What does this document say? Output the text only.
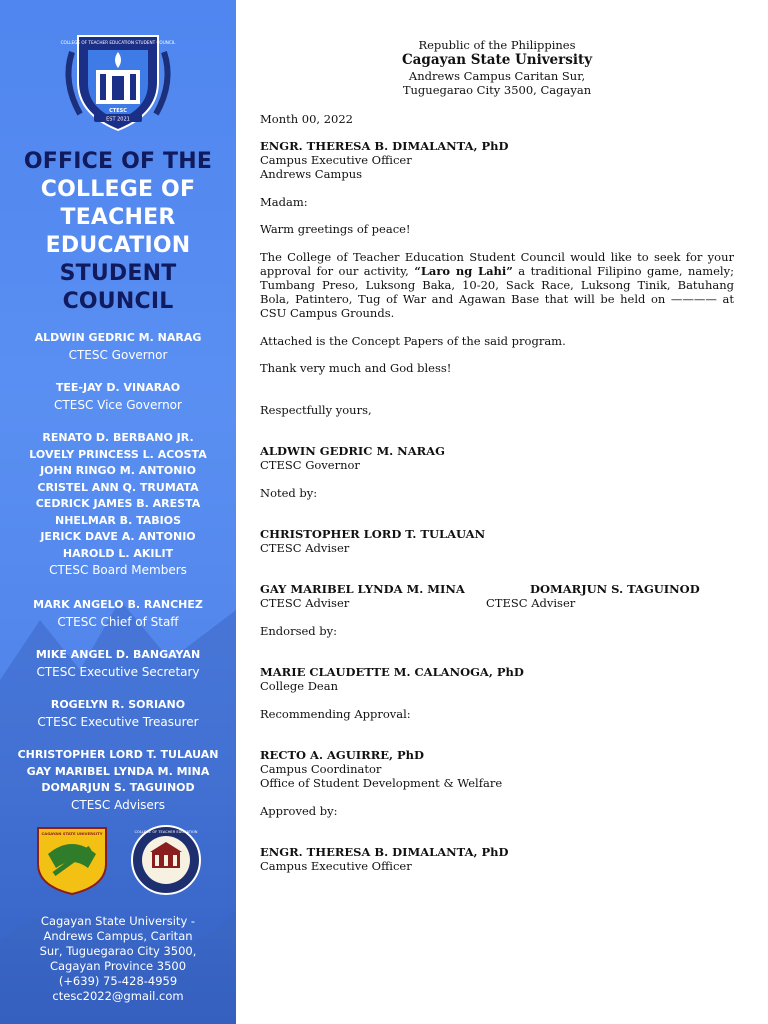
EST 2021
COLLEGE OF TEACHER EDUCATION STUDENT COUNCIL
CTESC
OFFICE OF THE
COLLEGE OF
TEACHER
EDUCATION
STUDENT
COUNCIL
ALDWIN GEDRIC M. NARAG
CTESC Governor
TEE-JAY D. VINARAO
CTESC Vice Governor
RENATO D. BERBANO JR.
LOVELY PRINCESS L. ACOSTA
JOHN RINGO M. ANTONIO
CRISTEL ANN Q. TRUMATA
CEDRICK JAMES B. ARESTA
NHELMAR B. TABIOS
JERICK DAVE A. ANTONIO
HAROLD L. AKILIT
CTESC Board Members
MARK ANGELO B. RANCHEZ
CTESC Chief of Staff
MIKE ANGEL D. BANGAYAN
CTESC Executive Secretary
ROGELYN R. SORIANO
CTESC Executive Treasurer
CHRISTOPHER LORD T. TULAUAN
GAY MARIBEL LYNDA M. MINA
DOMARJUN S. TAGUINOD
CTESC Advisers
CAGAYAN STATE UNIVERSITY	COLLEGE OF TEACHER EDUCATION
Cagayan State University -
Andrews Campus, Caritan
Sur, Tuguegarao City 3500,
Cagayan Province 3500
(+639) 75-428-4959
ctesc2022@gmail.com
Republic of the Philippines
Cagayan State University
Andrews Campus Caritan Sur,
Tuguegarao City 3500, Cagayan
Month 00, 2022
ENGR. THERESA B. DIMALANTA, PhD
Campus Executive Officer
Andrews Campus
Madam:
Warm greetings of peace!
The College of Teacher Education Student Council would like to seek for your approval for our activity, “Laro ng Lahi” a traditional Filipino game, namely; Tumbang Preso, Luksong Baka, 10-20, Sack Race, Luksong Tinik, Batuhang Bola, Patintero, Tug of War and Agawan Base that will be held on ———— at CSU Campus Grounds.
Attached is the Concept Papers of the said program.
Thank very much and God bless!
Respectfully yours,
ALDWIN GEDRIC M. NARAG
CTESC Governor
Noted by:
CHRISTOPHER LORD T. TULAUAN
CTESC Adviser
GAY MARIBEL LYNDA M. MINA
CTESC Adviser
DOMARJUN S. TAGUINOD
CTESC Adviser
Endorsed by:
MARIE CLAUDETTE M. CALANOGA, PhD
College Dean
Recommending Approval:
RECTO A. AGUIRRE, PhD
Campus Coordinator
Office of Student Development & Welfare
Approved by:
ENGR. THERESA B. DIMALANTA, PhD
Campus Executive Officer
